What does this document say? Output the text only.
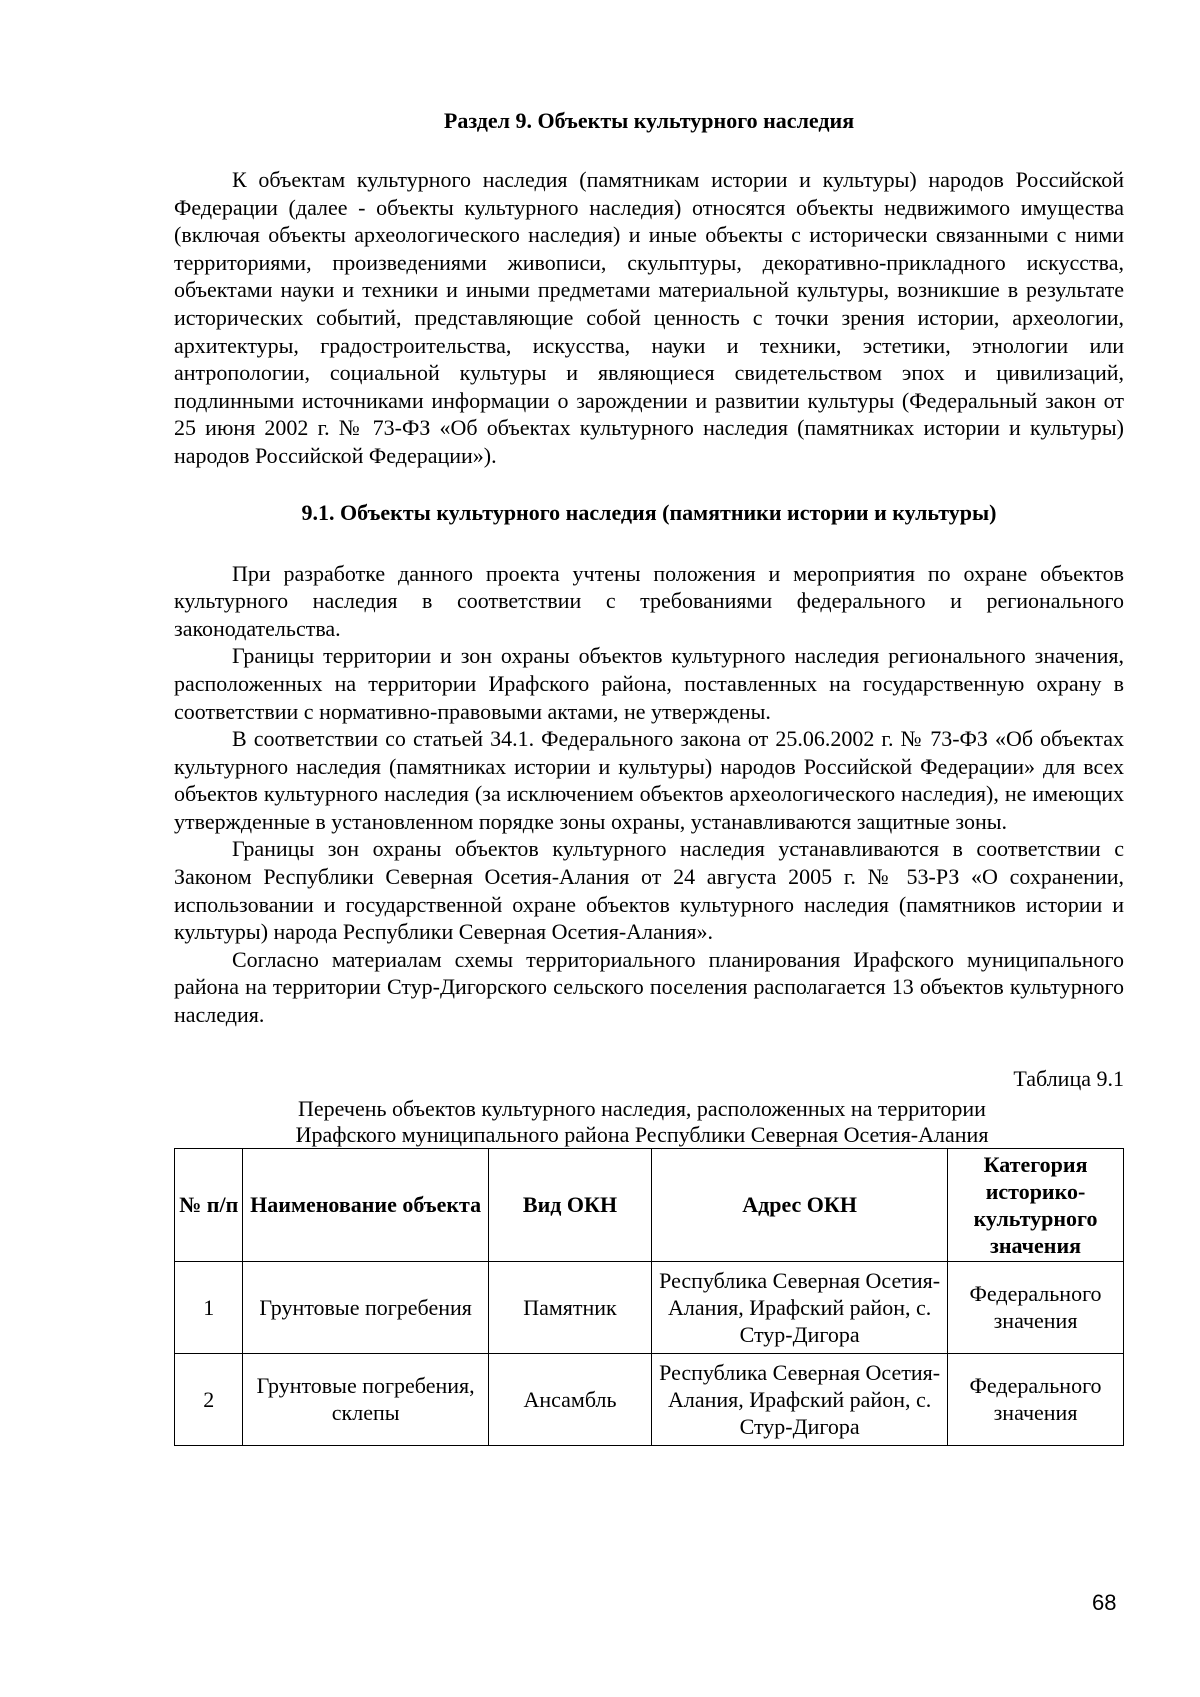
Раздел 9. Объекты культурного наследия

К объектам культурного наследия (памятникам истории и культуры) народов Российской Федерации (далее - объекты культурного наследия) относятся объекты недвижимого имущества (включая объекты археологического наследия) и иные объекты с исторически связанными с ними территориями, произведениями живописи, скульптуры, декоративно-прикладного искусства, объектами науки и техники и иными предметами материальной культуры, возникшие в результате исторических событий, представляющие собой ценность с точки зрения истории, археологии, архитектуры, градостроительства, искусства, науки и техники, эстетики, этнологии или антропологии, социальной культуры и являющиеся свидетельством эпох и цивилизаций, подлинными источниками информации о зарождении и развитии культуры (Федеральный закон от 25 июня 2002 г. № 73-ФЗ «Об объектах культурного наследия (памятниках истории и культуры) народов Российской Федерации»).

9.1. Объекты культурного наследия (памятники истории и культуры)

При разработке данного проекта учтены положения и мероприятия по охране объектов культурного наследия в соответствии с требованиями федерального и регионального законодательства.

Границы территории и зон охраны объектов культурного наследия регионального значения, расположенных на территории Ирафского района, поставленных на государственную охрану в соответствии с нормативно-правовыми актами, не утверждены.

В соответствии со статьей 34.1. Федерального закона от 25.06.2002 г. № 73-ФЗ «Об объектах культурного наследия (памятниках истории и культуры) народов Российской Федерации» для всех объектов культурного наследия (за исключением объектов археологического наследия), не имеющих утвержденные в установленном порядке зоны охраны, устанавливаются защитные зоны.

Границы зон охраны объектов культурного наследия устанавливаются в соответствии с Законом Республики Северная Осетия-Алания от 24 августа 2005 г. № 53-РЗ «О сохранении, использовании и государственной охране объектов культурного наследия (памятников истории и культуры) народа Республики Северная Осетия-Алания».

Согласно материалам схемы территориального планирования Ирафского муниципального района на территории Стур-Дигорского сельского поселения располагается 13 объектов культурного наследия.

Таблица 9.1
Перечень объектов культурного наследия, расположенных на территории
Ирафского муниципального района Республики Северная Осетия-Алания
№ п/п	Наименование объекта	Вид ОКН	Адрес ОКН	Категория историко-культурного значения
1	Грунтовые погребения	Памятник	Республика Северная Осетия-Алания, Ирафский район, с. Стур-Дигора	Федерального значения
2	Грунтовые погребения, склепы	Ансамбль	Республика Северная Осетия-Алания, Ирафский район, с. Стур-Дигора	Федерального значения
68
